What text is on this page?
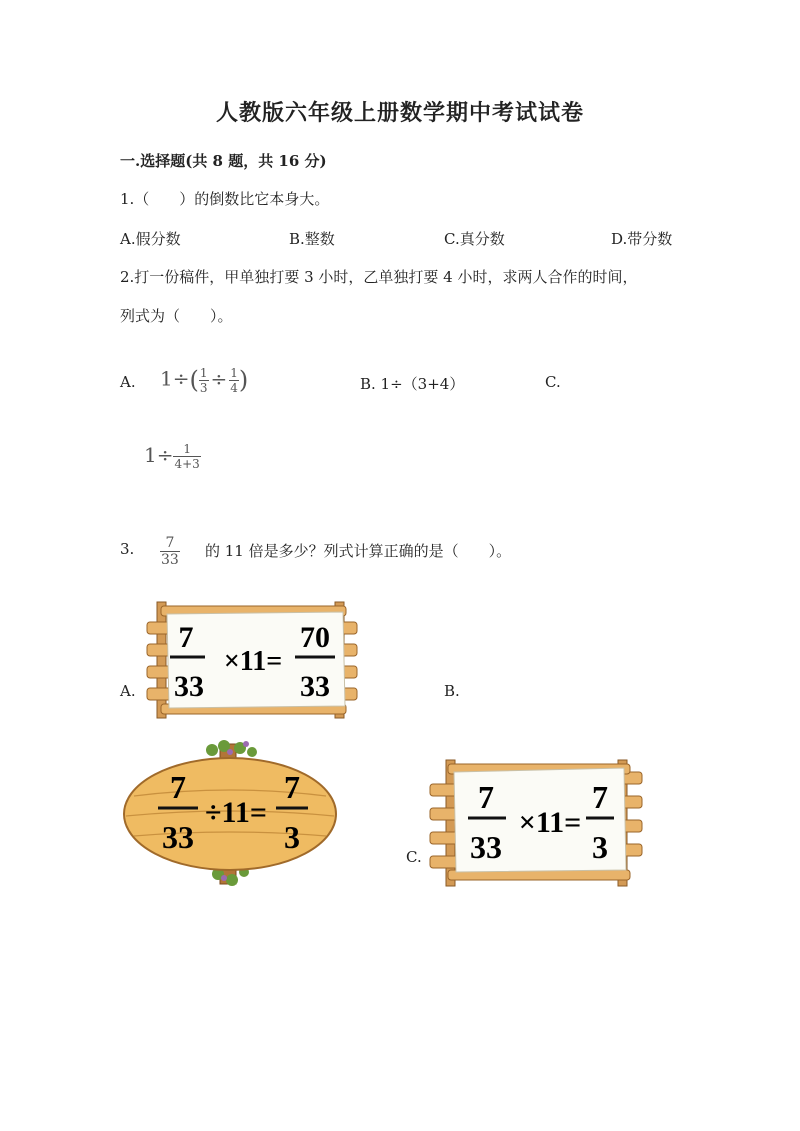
人教版六年级上册数学期中考试试卷
一.选择题(共 8 题，共 16 分)
1.（　　）的倒数比它本身大。
A.假分数	B.整数	C.真分数	D.带分数
2.打一份稿件，甲单独打要 3 小时，乙单独打要 4 小时，求两人合作的时间，
列式为（　　）。
A. $1\div( \frac{1}{3} \div \frac{1}{4}$ )	B. 1÷（3+4）	C.
$1\div \frac{1}{4+3}$
3. $\frac{7}{33}$ 的 11 倍是多少？列式计算正确的是（　　）。
A.	B.
C.
7
33
×11=
70
33
7
33
÷11=
7
3
7
33
×11=
7
3
